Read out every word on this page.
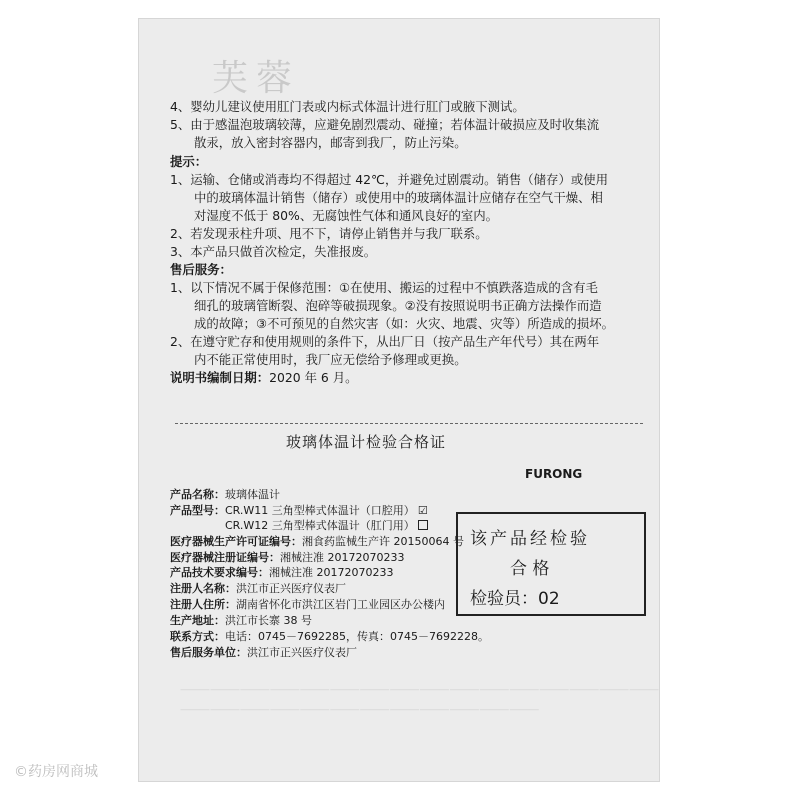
芙蓉
4、婴幼儿建议使用肛门表或内标式体温计进行肛门或腋下测试。
5、由于感温泡玻璃较薄，应避免剧烈震动、碰撞；若体温计破损应及时收集流
散汞，放入密封容器内，邮寄到我厂，防止污染。
提示：
1、运输、仓储或消毒均不得超过 42℃，并避免过剧震动。销售（储存）或使用
中的玻璃体温计销售（储存）或使用中的玻璃体温计应储存在空气干燥、相
对湿度不低于 80%、无腐蚀性气体和通风良好的室内。
2、若发现汞柱升项、甩不下，请停止销售并与我厂联系。
3、本产品只做首次检定，失准报废。
售后服务：
1、以下情况不属于保修范围：①在使用、搬运的过程中不慎跌落造成的含有毛
细孔的玻璃管断裂、泡碎等破损现象。②没有按照说明书正确方法操作而造
成的故障；③不可预见的自然灾害（如：火灾、地震、灾等）所造成的损坏。
2、在遵守贮存和使用规则的条件下，从出厂日（按产品生产年代号）其在两年
内不能正常使用时，我厂应无偿给予修理或更换。
说明书编制日期：2020 年 6 月。
玻璃体温计检验合格证
FURONG
产品名称：玻璃体温计
产品型号：CR.W11 三角型棒式体温计（口腔用） ☑
CR.W12 三角型棒式体温计（肛门用）
医疗器械生产许可证编号：湘食药监械生产许 20150064 号
医疗器械注册证编号：湘械注准 20172070233
产品技术要求编号：湘械注准 20172070233
注册人名称：洪江市正兴医疗仪表厂
注册人住所：湖南省怀化市洪江区岩门工业园区办公楼内
生产地址：洪江市长寨 38 号
联系方式：电话：0745－7692285，传真：0745－7692228。
售后服务单位：洪江市正兴医疗仪表厂
该产品经检验
合 格
检验员：02
⸻⸻⸻⸻⸻⸻⸻⸻⸻⸻⸻⸻⸻⸻⸻⸻
⸻⸻⸻⸻⸻⸻⸻⸻⸻⸻⸻⸻
©药房网商城
